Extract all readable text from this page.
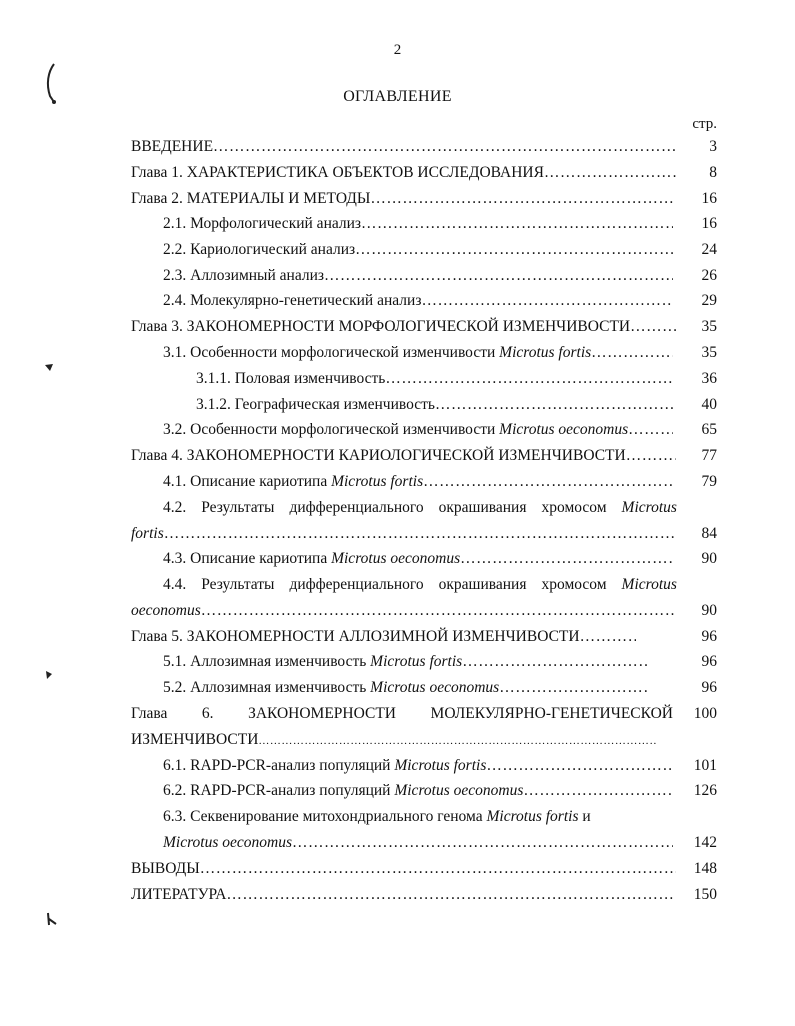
2
ОГЛАВЛЕНИЕ
стр.
ВВЕДЕНИЕ ……………………………………………………………………………………………………………………………………………………………………………………	3
Глава 1. ХАРАКТЕРИСТИКА ОБЪЕКТОВ ИССЛЕДОВАНИЯ ……………………………………………………………………………………………………………………………………………………………………………………	8
Глава 2. МАТЕРИАЛЫ И МЕТОДЫ ……………………………………………………………………………………………………………………………………………………………………………………	16
2.1. Морфологический анализ ……………………………………………………………………………………………………………………………………………………………………………………	16
2.2. Кариологический анализ ……………………………………………………………………………………………………………………………………………………………………………………	24
2.3. Аллозимный анализ ……………………………………………………………………………………………………………………………………………………………………………………	26
2.4. Молекулярно-генетический анализ ……………………………………………………………………………………………………………………………………………………………………………………	29
Глава 3. ЗАКОНОМЕРНОСТИ МОРФОЛОГИЧЕСКОЙ ИЗМЕНЧИВОСТИ ……………………………………………………………………………………………………………………………………………………………………………………	35
3.1. Особенности морфологической изменчивости Microtus fortis ……………………………………………………………………………………………………………………………………………………………………………………	35
3.1.1. Половая изменчивость ……………………………………………………………………………………………………………………………………………………………………………………	36
3.1.2. Географическая изменчивость ……………………………………………………………………………………………………………………………………………………………………………………	40
3.2. Особенности морфологической изменчивости Microtus oeconomus ……………………………………………………………………………………………………………………………………………………………………………………	65
Глава 4. ЗАКОНОМЕРНОСТИ КАРИОЛОГИЧЕСКОЙ ИЗМЕНЧИВОСТИ ……………………………………………………………………………………………………………………………………………………………………………………	77
4.1. Описание кариотипа Microtus fortis ……………………………………………………………………………………………………………………………………………………………………………………	79
4.2. Результаты дифференциального окрашивания хромосом Microtus
fortis ……………………………………………………………………………………………………………………………………………………………………………………	84
4.3. Описание кариотипа Microtus oeconomus ……………………………………………………………………………………………………………………………………………………………………………………	90
4.4. Результаты дифференциального окрашивания хромосом Microtus
oeconomus ……………………………………………………………………………………………………………………………………………………………………………………	90
Глава 5. ЗАКОНОМЕРНОСТИ АЛЛОЗИМНОЙ ИЗМЕНЧИВОСТИ ……………………………………………………………………………………………………………………………………………………………………………………	96
5.1. Аллозимная изменчивость Microtus fortis ……………………………………………………………………………………………………………………………………………………………………………………	96
5.2. Аллозимная изменчивость Microtus oeconomus ……………………………………………………………………………………………………………………………………………………………………………………	96
Глава 6. ЗАКОНОМЕРНОСТИ МОЛЕКУЛЯРНО-ГЕНЕТИЧЕСКОЙ 100
ИЗМЕНЧИВОСТИ
……………………………………………………………………………………………………………………………………………………………………………………
6.1. RAPD-PCR-анализ популяций Microtus fortis ……………………………………………………………………………………………………………………………………………………………………………………	101
6.2. RAPD-PCR-анализ популяций Microtus oeconomus ……………………………………………………………………………………………………………………………………………………………………………………	126
6.3. Секвенирование митохондриального генома Microtus fortis и
Microtus oeconomus ……………………………………………………………………………………………………………………………………………………………………………………	142
ВЫВОДЫ ……………………………………………………………………………………………………………………………………………………………………………………	148
ЛИТЕРАТУРА ……………………………………………………………………………………………………………………………………………………………………………………	150
